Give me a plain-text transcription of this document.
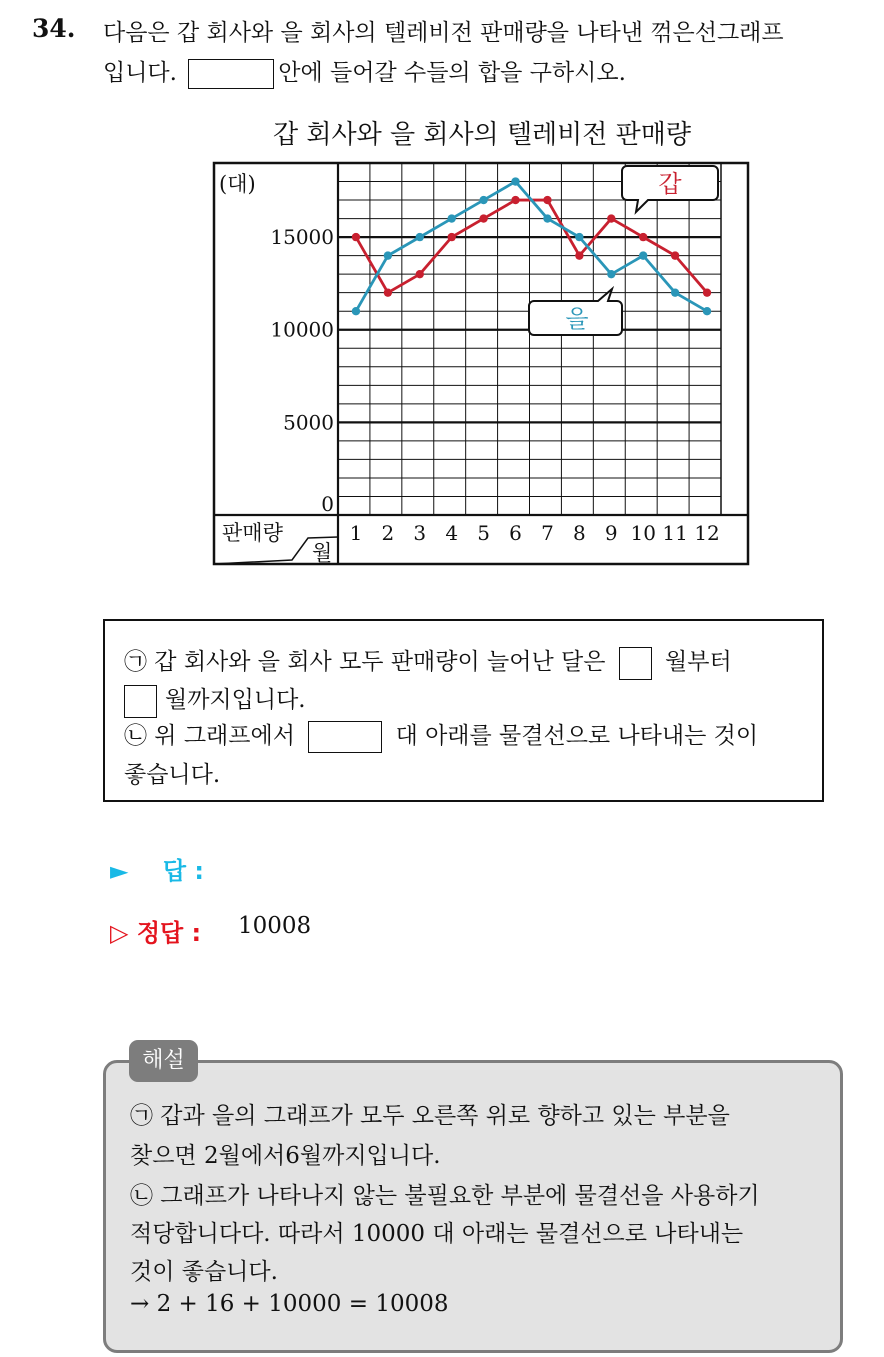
34. 다음은 갑 회사와 을 회사의 텔레비전 판매량을 나타낸 꺾은선그래프
입니다.	안에 들어갈 수들의 합을 구하시오.
갑 회사와 을 회사의 텔레비전 판매량
판매량
월
(대)
15000
10000
5000
0
1 2 3 4 5 6 7 8 9 10 11 12
갑
을
㉠ 갑 회사와 을 회사 모두 판매량이 늘어난 달은	월부터
월까지입니다.
㉡ 위 그래프에서	대 아래를 물결선으로 나타내는 것이
좋습니다.
► 답 :
▷ 정답 : 10008
㉠ 갑과 을의 그래프가 모두 오른쪽 위로 향하고 있는 부분을
찾으면 2월에서6월까지입니다.
㉡ 그래프가 나타나지 않는 불필요한 부분에 물결선을 사용하기
적당합니다다. 따라서 10000 대 아래는 물결선으로 나타내는
것이 좋습니다.
→ 2 + 16 + 10000 = 10008
해설
